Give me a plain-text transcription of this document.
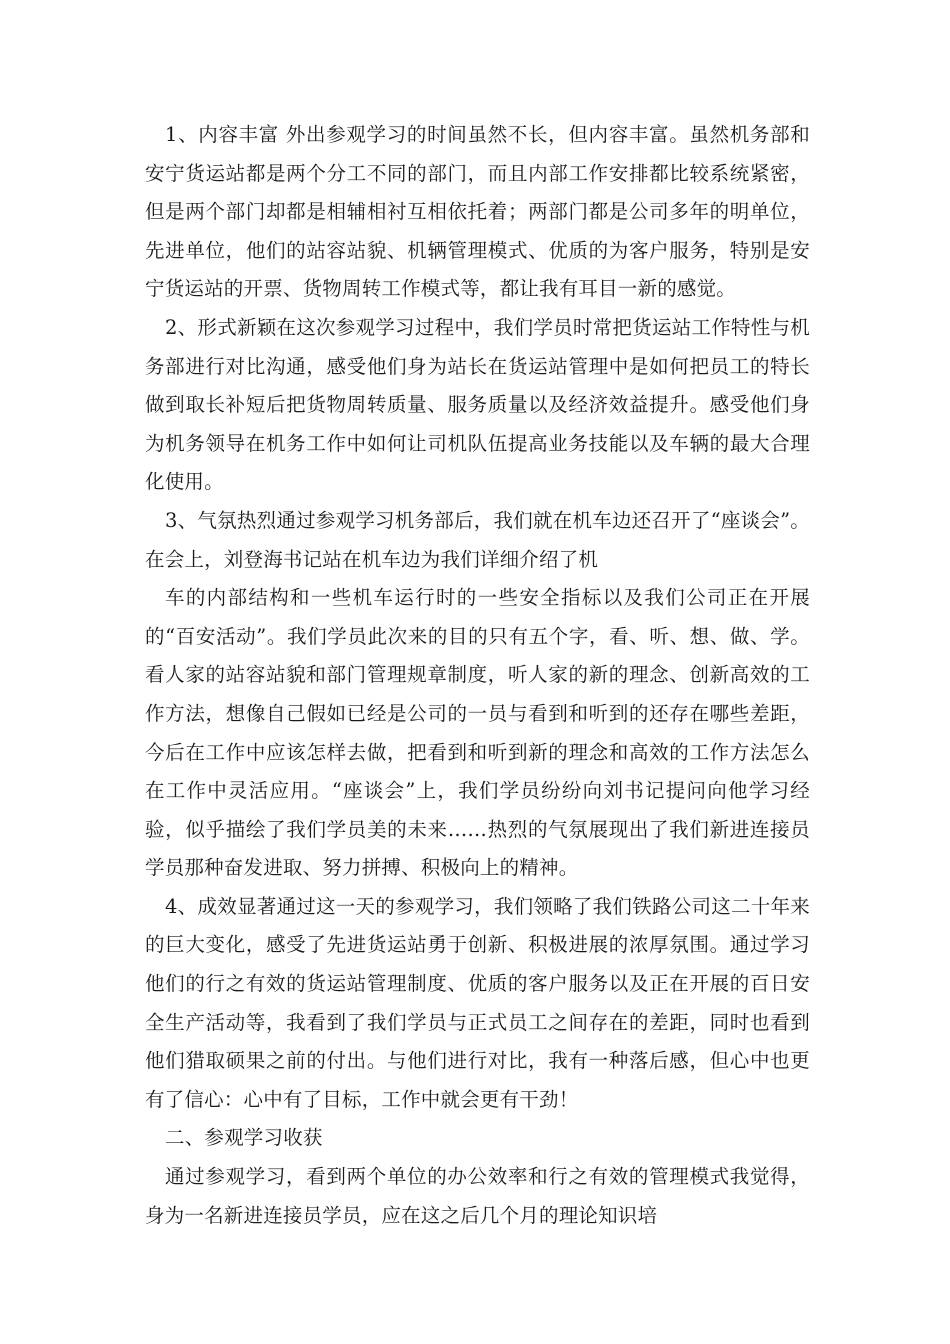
1、内容丰富 外出参观学习的时间虽然不长，但内容丰富。虽然机务部和安宁货运站都是两个分工不同的部门，而且内部工作安排都比较系统紧密，但是两个部门却都是相辅相衬互相依托着；两部门都是公司多年的明单位，先进单位，他们的站容站貌、机辆管理模式、优质的为客户服务，特别是安宁货运站的开票、货物周转工作模式等，都让我有耳目一新的感觉。

2、形式新颖在这次参观学习过程中，我们学员时常把货运站工作特性与机务部进行对比沟通，感受他们身为站长在货运站管理中是如何把员工的特长做到取长补短后把货物周转质量、服务质量以及经济效益提升。感受他们身为机务领导在机务工作中如何让司机队伍提高业务技能以及车辆的最大合理化使用。

3、气氛热烈通过参观学习机务部后，我们就在机车边还召开了“座谈会”。在会上，刘登海书记站在机车边为我们详细介绍了机

车的内部结构和一些机车运行时的一些安全指标以及我们公司正在开展的“百安活动”。我们学员此次来的目的只有五个字，看、听、想、做、学。看人家的站容站貌和部门管理规章制度，听人家的新的理念、创新高效的工作方法，想像自己假如已经是公司的一员与看到和听到的还存在哪些差距，今后在工作中应该怎样去做，把看到和听到新的理念和高效的工作方法怎么在工作中灵活应用。“座谈会”上，我们学员纷纷向刘书记提问向他学习经验，似乎描绘了我们学员美的未来……热烈的气氛展现出了我们新进连接员学员那种奋发进取、努力拼搏、积极向上的精神。

4、成效显著通过这一天的参观学习，我们领略了我们铁路公司这二十年来的巨大变化，感受了先进货运站勇于创新、积极进展的浓厚氛围。通过学习他们的行之有效的货运站管理制度、优质的客户服务以及正在开展的百日安全生产活动等，我看到了我们学员与正式员工之间存在的差距，同时也看到他们猎取硕果之前的付出。与他们进行对比，我有一种落后感，但心中也更有了信心：心中有了目标，工作中就会更有干劲！

二、参观学习收获

通过参观学习，看到两个单位的办公效率和行之有效的管理模式我觉得，身为一名新进连接员学员，应在这之后几个月的理论知识培
